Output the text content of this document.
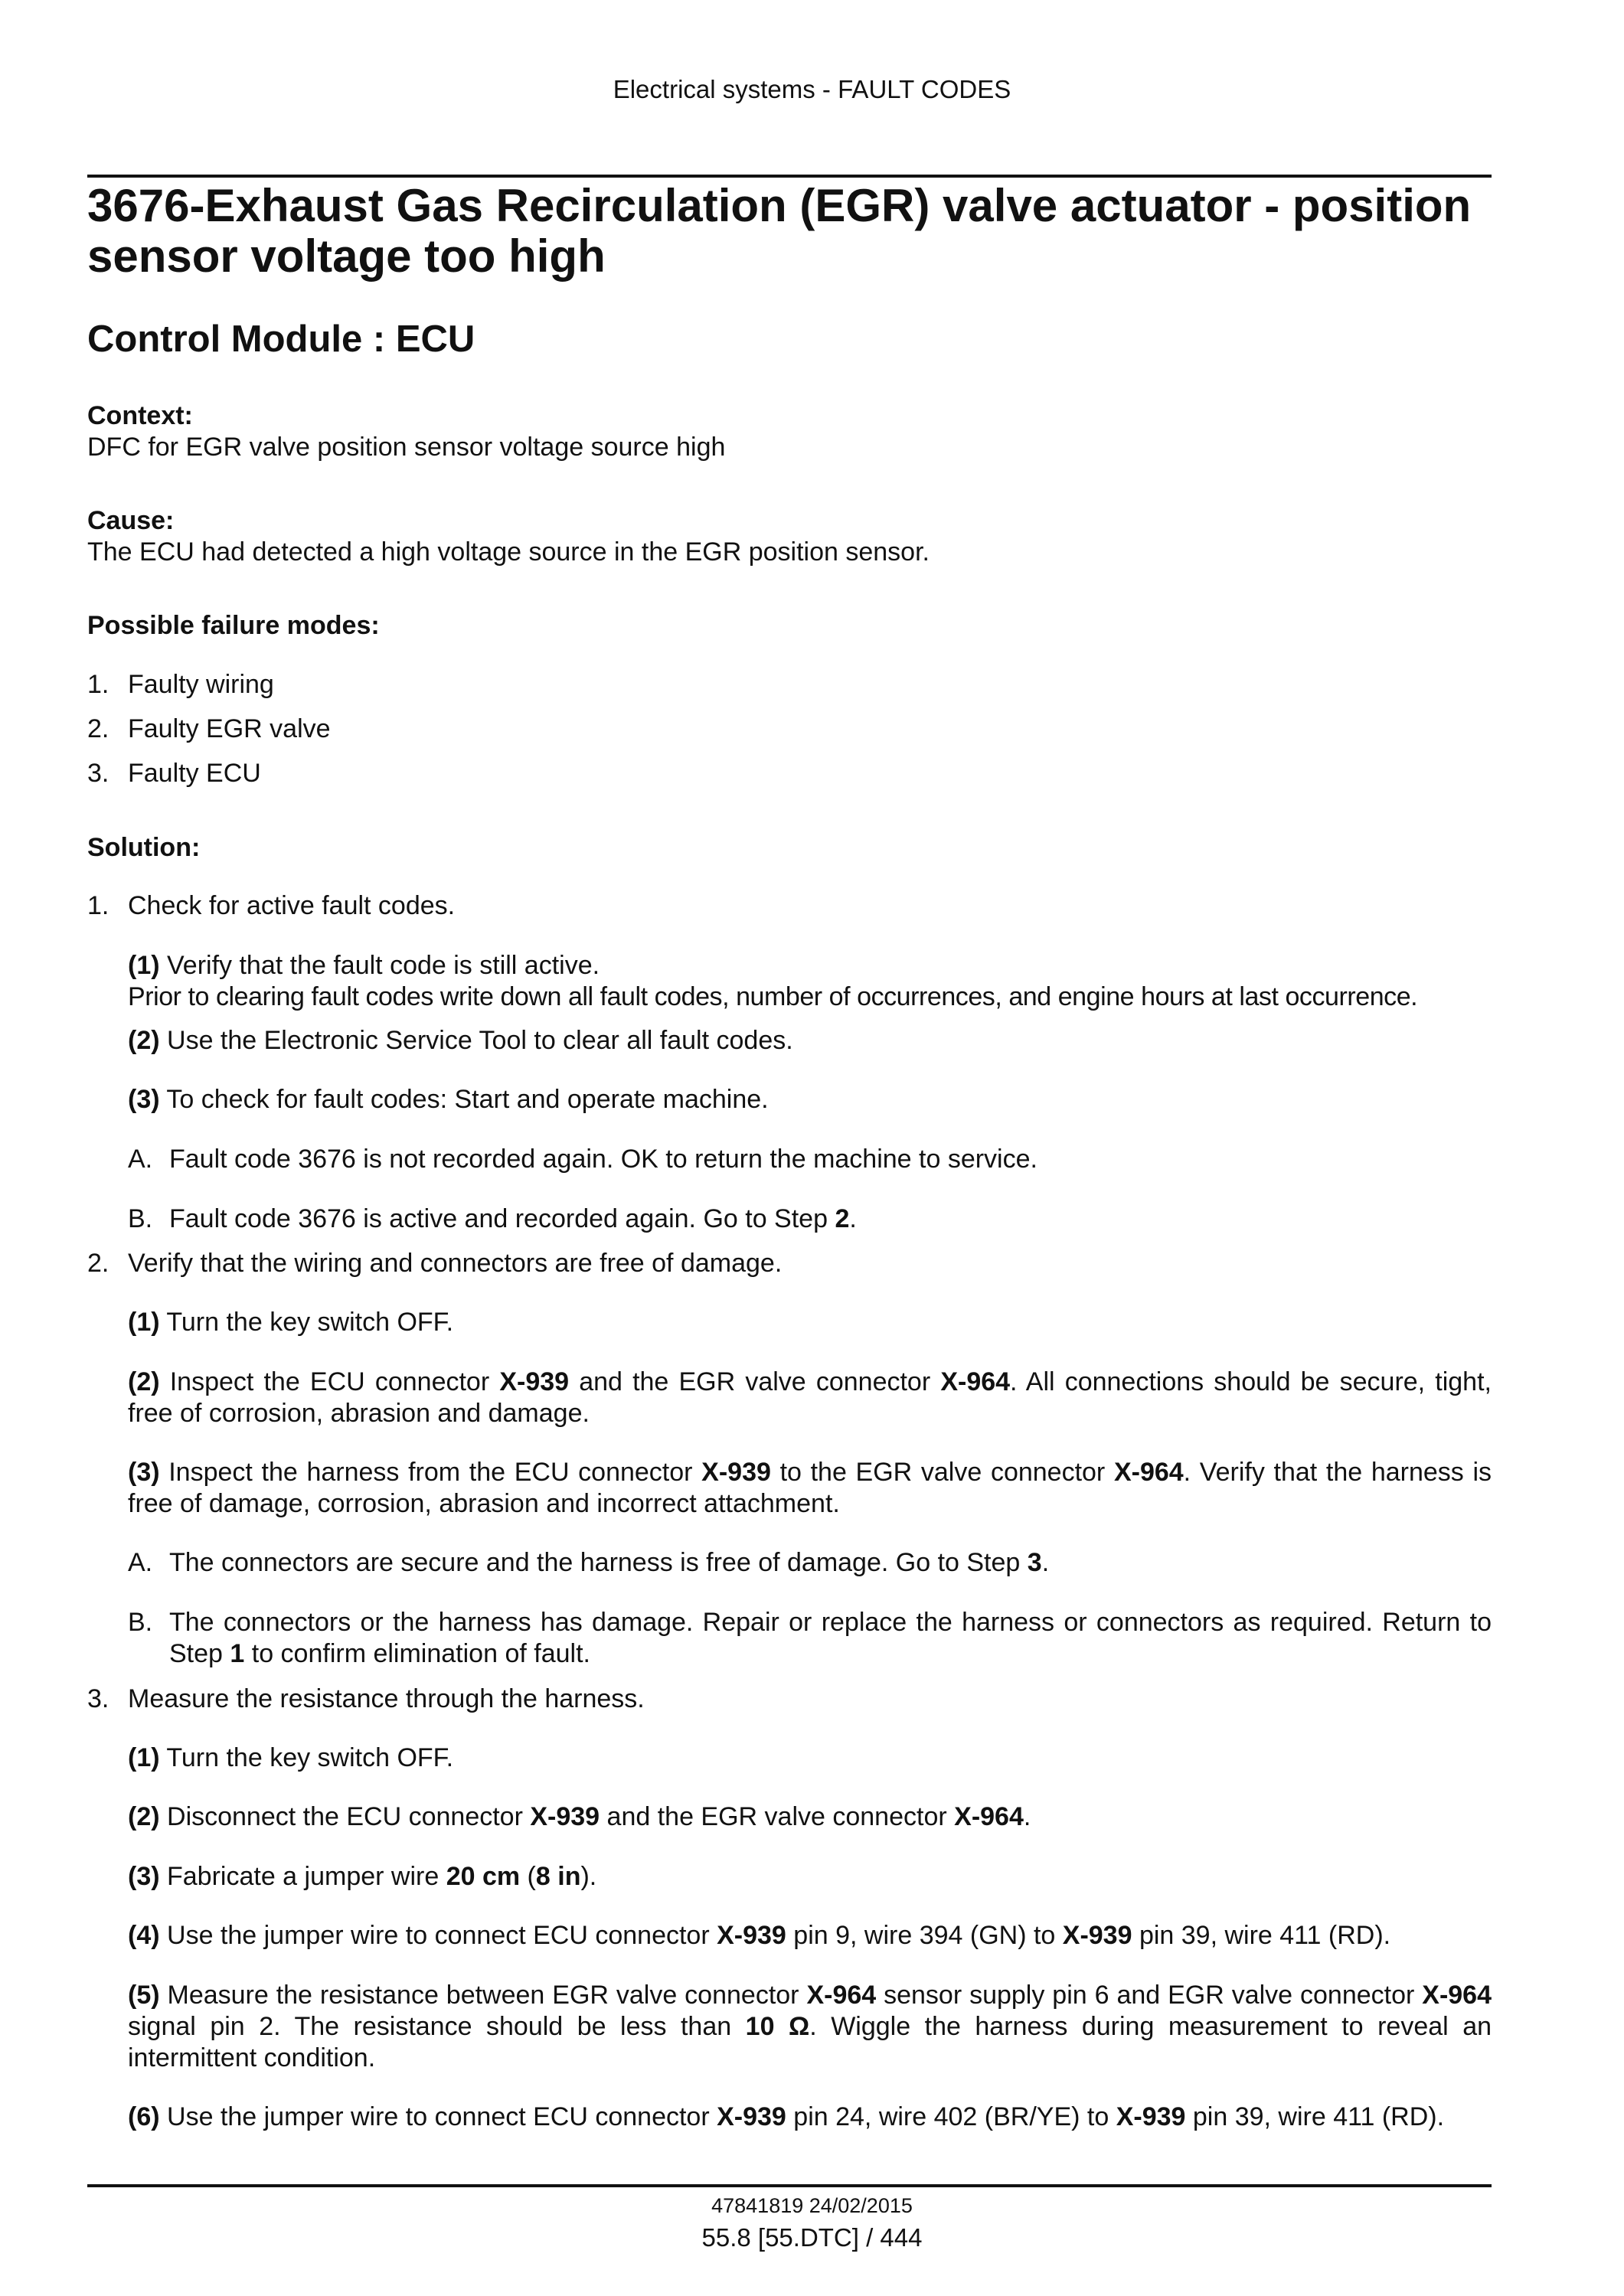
Electrical systems - FAULT CODES
3676-Exhaust Gas Recirculation (EGR) valve actuator - position sensor voltage too high
Control Module : ECU
Context:
DFC for EGR valve position sensor voltage source high
Cause:
The ECU had detected a high voltage source in the EGR position sensor.
Possible failure modes:
1. Faulty wiring
2. Faulty EGR valve
3. Faulty ECU
Solution:
1. Check for active fault codes.
(1) Verify that the fault code is still active.
Prior to clearing fault codes write down all fault codes, number of occurrences, and engine hours at last occurrence.
(2) Use the Electronic Service Tool to clear all fault codes.
(3) To check for fault codes: Start and operate machine.
A. Fault code 3676 is not recorded again. OK to return the machine to service.
B. Fault code 3676 is active and recorded again. Go to Step 2.
2. Verify that the wiring and connectors are free of damage.
(1) Turn the key switch OFF.
(2) Inspect the ECU connector X-939 and the EGR valve connector X-964. All connections should be secure, tight, free of corrosion, abrasion and damage.
(3) Inspect the harness from the ECU connector X-939 to the EGR valve connector X-964. Verify that the harness is free of damage, corrosion, abrasion and incorrect attachment.
A. The connectors are secure and the harness is free of damage. Go to Step 3.
B. The connectors or the harness has damage. Repair or replace the harness or connectors as required. Return to Step 1 to confirm elimination of fault.
3. Measure the resistance through the harness.
(1) Turn the key switch OFF.
(2) Disconnect the ECU connector X-939 and the EGR valve connector X-964.
(3) Fabricate a jumper wire 20 cm (8 in).
(4) Use the jumper wire to connect ECU connector X-939 pin 9, wire 394 (GN) to X-939 pin 39, wire 411 (RD).
(5) Measure the resistance between EGR valve connector X-964 sensor supply pin 6 and EGR valve connector X-964 signal pin 2. The resistance should be less than 10 Ω. Wiggle the harness during measurement to reveal an intermittent condition.
(6) Use the jumper wire to connect ECU connector X-939 pin 24, wire 402 (BR/YE) to X-939 pin 39, wire 411 (RD).
47841819 24/02/2015
55.8 [55.DTC] / 444
